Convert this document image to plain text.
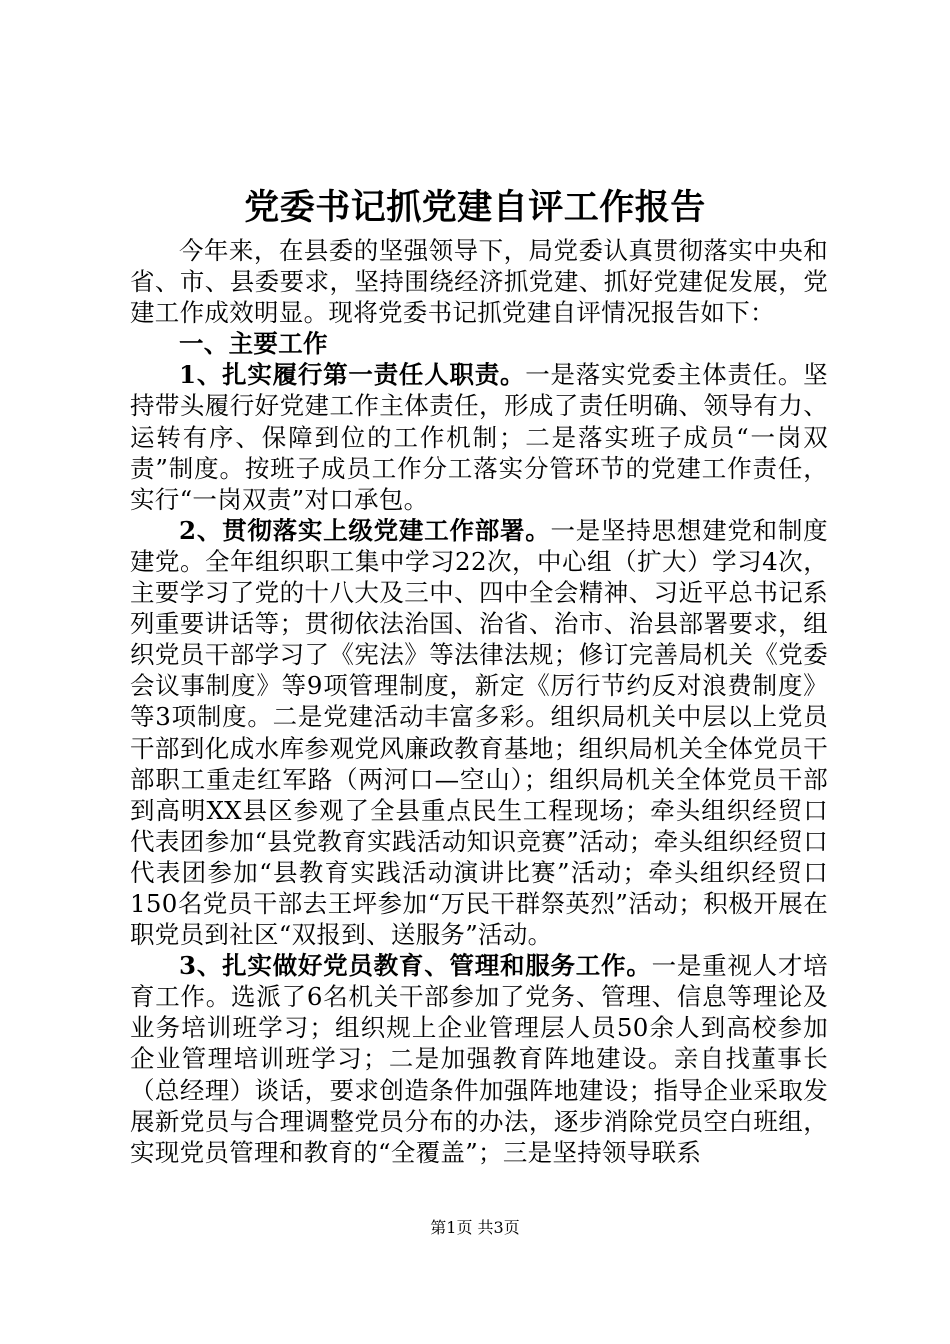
党委书记抓党建自评工作报告

今年来，在县委的坚强领导下，局党委认真贯彻落实中央和省、市、县委要求，坚持围绕经济抓党建、抓好党建促发展，党建工作成效明显。现将党委书记抓党建自评情况报告如下：

一、主要工作

1、扎实履行第一责任人职责。一是落实党委主体责任。坚持带头履行好党建工作主体责任，形成了责任明确、领导有力、运转有序、保障到位的工作机制；二是落实班子成员“一岗双责”制度。按班子成员工作分工落实分管环节的党建工作责任，实行“一岗双责”对口承包。

2、贯彻落实上级党建工作部署。一是坚持思想建党和制度建党。全年组织职工集中学习22次，中心组（扩大）学习4次，主要学习了党的十八大及三中、四中全会精神、习近平总书记系列重要讲话等；贯彻依法治国、治省、治市、治县部署要求，组织党员干部学习了《宪法》等法律法规；修订完善局机关《党委会议事制度》等9项管理制度，新定《厉行节约反对浪费制度》等3项制度。二是党建活动丰富多彩。组织局机关中层以上党员干部到化成水库参观党风廉政教育基地；组织局机关全体党员干部职工重走红军路（两河口—空山）；组织局机关全体党员干部到高明XX县区参观了全县重点民生工程现场；牵头组织经贸口代表团参加“县党教育实践活动知识竞赛”活动；牵头组织经贸口代表团参加“县教育实践活动演讲比赛”活动；牵头组织经贸口150名党员干部去王坪参加“万民干群祭英烈”活动；积极开展在职党员到社区“双报到、送服务”活动。

3、扎实做好党员教育、管理和服务工作。一是重视人才培育工作。选派了6名机关干部参加了党务、管理、信息等理论及业务培训班学习；组织规上企业管理层人员50余人到高校参加企业管理培训班学习；二是加强教育阵地建设。亲自找董事长（总经理）谈话，要求创造条件加强阵地建设；指导企业采取发展新党员与合理调整党员分布的办法，逐步消除党员空白班组，实现党员管理和教育的“全覆盖”；三是坚持领导联系

第1页 共3页
